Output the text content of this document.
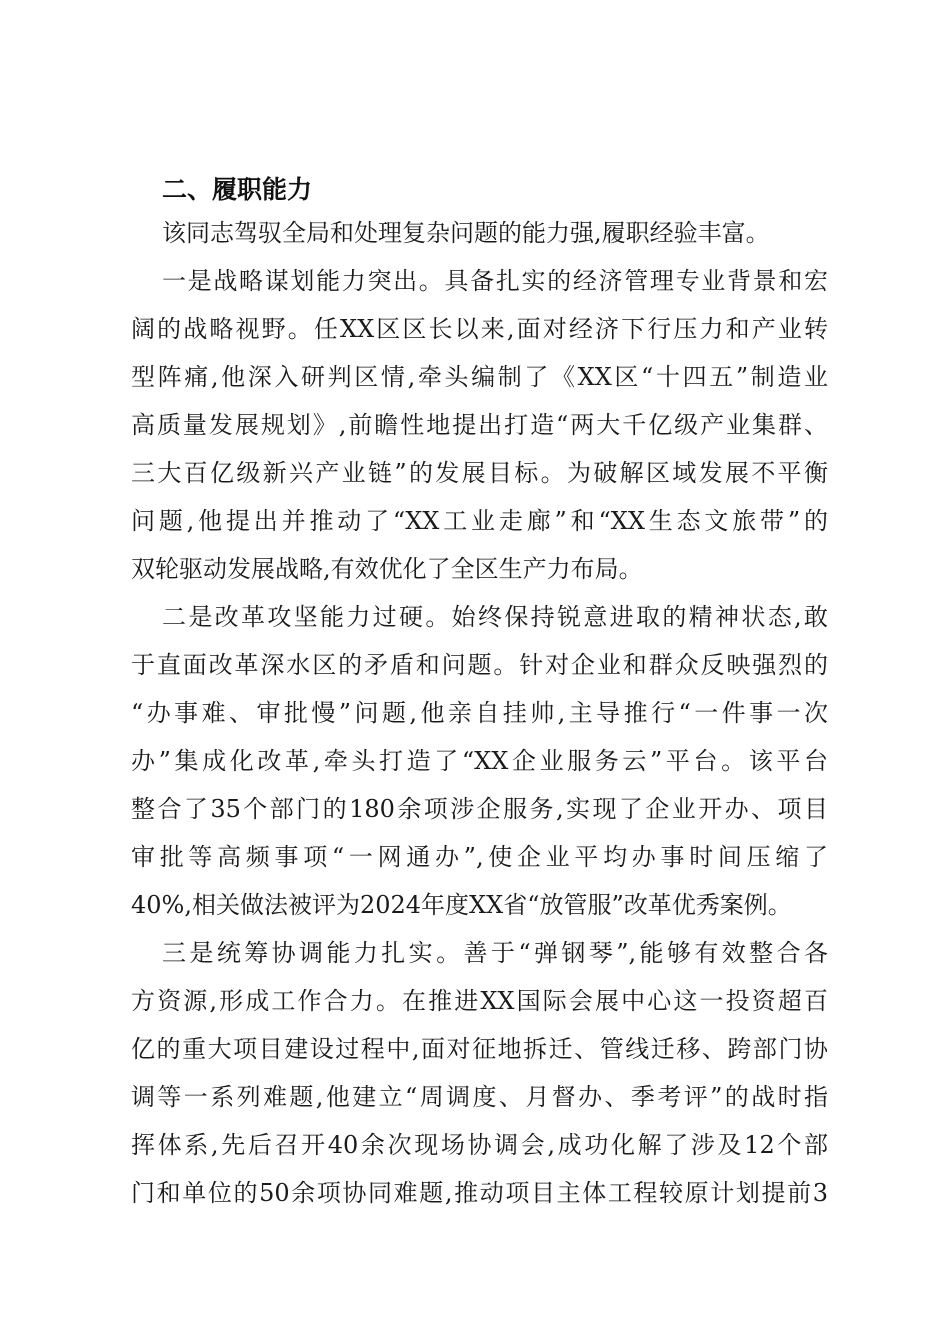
二、履职能力
该同志驾驭全局和处理复杂问题的能力强,履职经验丰富。
一是战略谋划能力突出。具备扎实的经济管理专业背景和宏
阔的战略视野。任XX区区长以来,面对经济下行压力和产业转
型阵痛,他深入研判区情,牵头编制了《XX区“十四五”制造业
高质量发展规划》,前瞻性地提出打造“两大千亿级产业集群、
三大百亿级新兴产业链”的发展目标。为破解区域发展不平衡
问题,他提出并推动了“XX工业走廊”和“XX生态文旅带”的
双轮驱动发展战略,有效优化了全区生产力布局。
二是改革攻坚能力过硬。始终保持锐意进取的精神状态,敢
于直面改革深水区的矛盾和问题。针对企业和群众反映强烈的
“办事难、审批慢”问题,他亲自挂帅,主导推行“一件事一次
办”集成化改革,牵头打造了“XX企业服务云”平台。该平台
整合了35个部门的180余项涉企服务,实现了企业开办、项目
审批等高频事项“一网通办”,使企业平均办事时间压缩了
40%,相关做法被评为2024年度XX省“放管服”改革优秀案例。
三是统筹协调能力扎实。善于“弹钢琴”,能够有效整合各
方资源,形成工作合力。在推进XX国际会展中心这一投资超百
亿的重大项目建设过程中,面对征地拆迁、管线迁移、跨部门协
调等一系列难题,他建立“周调度、月督办、季考评”的战时指
挥体系,先后召开40余次现场协调会,成功化解了涉及12个部
门和单位的50余项协同难题,推动项目主体工程较原计划提前3
